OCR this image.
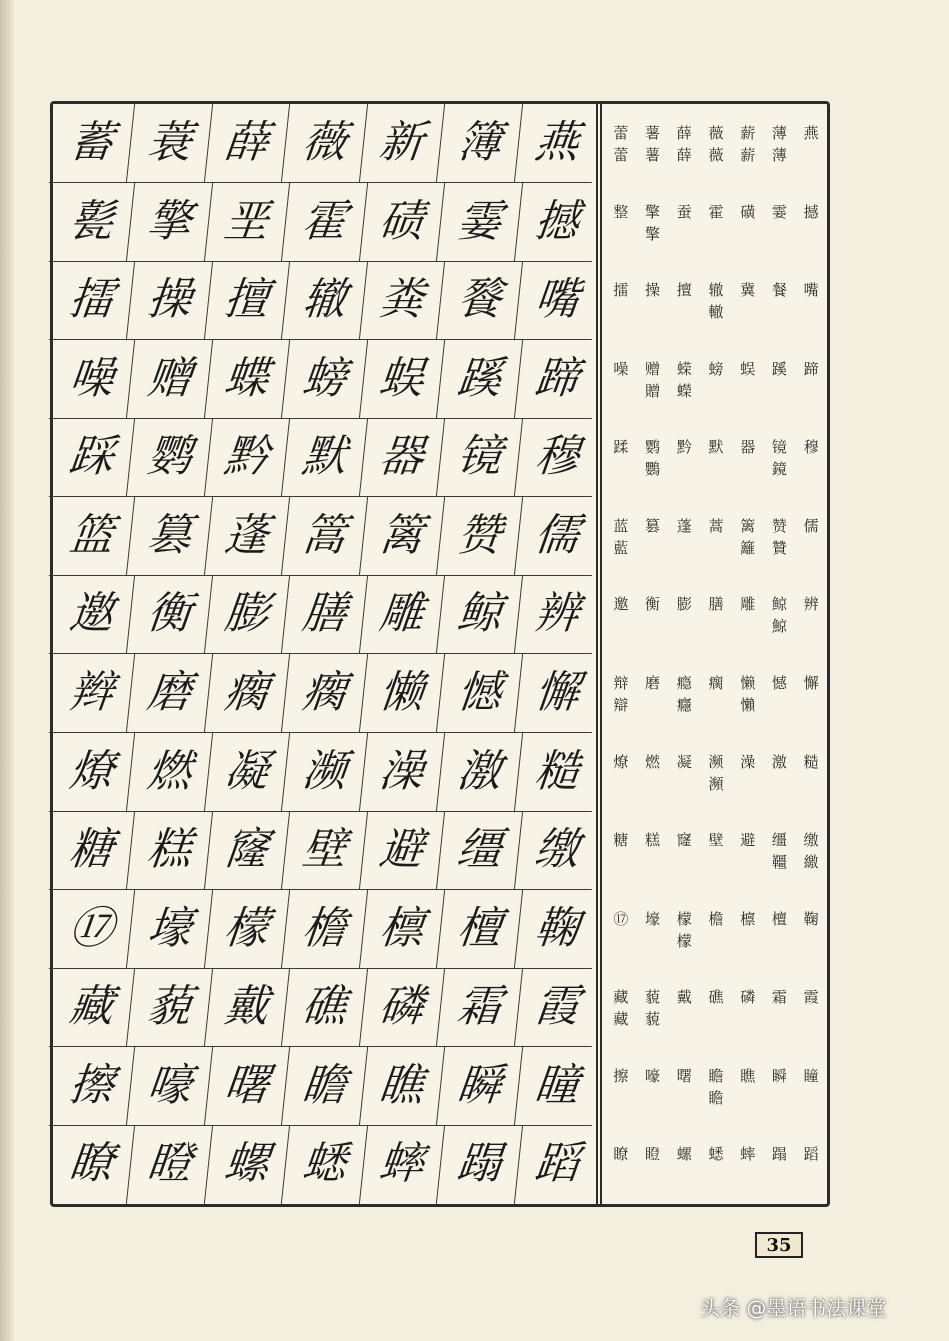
蓄 蓑 薛 薇 新 簿 燕
甏 擎 垩 霍 碛 霎 撼
擂 操 擅 辙 粪 餮 嘴
噪 赠 蝶 螃 蜈 蹊 蹄
踩 鹦 黔 默 器 镜 穆
篮 篡 蓬 篙 篱 赞 儒
邀 衡 膨 膳 雕 鲸 辨
辫 磨 瘸 瘸 懒 憾 懈
燎 燃 凝 濒 澡 激 糙
糖 糕 窿 壁 避 缰 缴
⑰ 壕 檬 檐 檩 檀 鞠
藏 藐 戴 礁 磷 霜 霞
擦 嚎 曙 瞻 瞧 瞬 瞳
瞭 瞪 螺 蟋 蟀 蹋 蹈
蕾
蕾
薯
薯
薛
薛
薇
薇
薪
薪
薄
薄
燕
整 擎
擎
蚕 霍 磺 霎 撼
擂 操 擅 辙
轍
冀 餐 嘴
噪 赠
贈
蝾
蠑
螃 蜈 蹊 蹄
蹂 鹦
鸚
黔 默 器 镜
鏡
穆
蓝
藍
篡 蓬 蒿 篱
籬
赞
贊
儒
邀 衡 膨 膳 雕 鲸
鯨
辨
辩
辯
磨 瘾
癮
瘸 懒
懶
憾 懈
燎 燃 凝 濒
瀕
澡 激 糙
糖 糕 窿 壁 避 缰
韁
缴
繳
⑰ 壕 檬
檬
檐 檩 檀 鞠
藏
藏
藐
藐
戴 礁 磷 霜 霞
擦 嚎 曙 瞻
瞻
瞧 瞬 瞳
瞭 瞪 螺 蟋 蟀 蹋 蹈
35
头条 @墨语书法课堂
